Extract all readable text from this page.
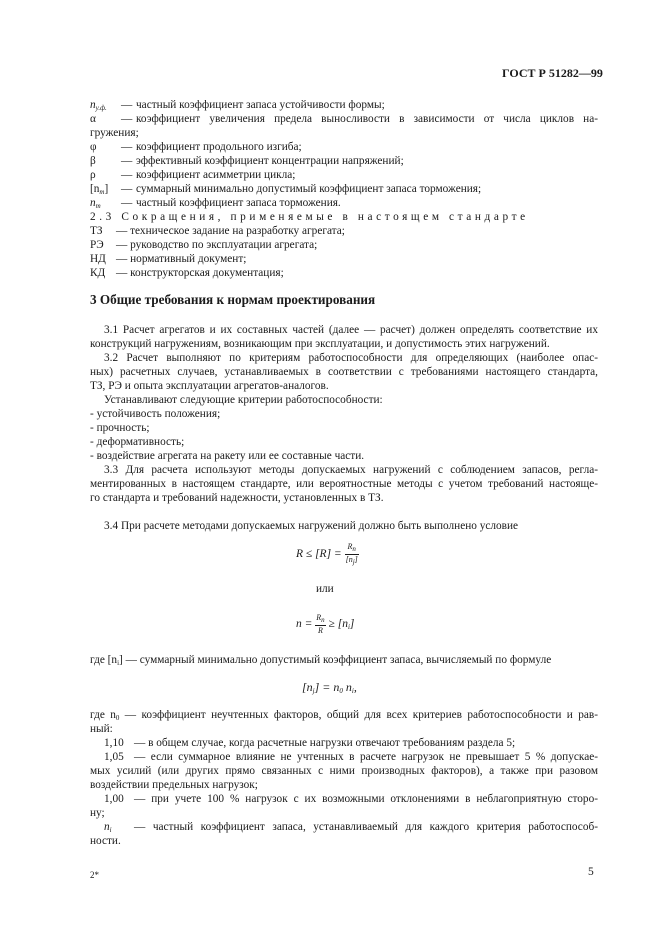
ГОСТ Р 51282—99
$n_{у.ф.}$	— частный коэффициент запаса устойчивости формы;
α	— коэффициент увеличения предела выносливости в зависимости от числа циклов на-
гружения;
φ	— коэффициент продольного изгиба;
β	— эффективный коэффициент концентрации напряжений;
ρ	— коэффициент асимметрии цикла;
$[n_т]$	— суммарный минимально допустимый коэффициент запаса торможения;
$n_т$	— частный коэффициент запаса торможения.
2.3 Сокращения, применяемые в настоящем стандарте
ТЗ — техническое задание на разработку агрегата;
РЭ — руководство по эксплуатации агрегата;
НД — нормативный документ;
КД — конструкторская документация;
3 Общие требования к нормам проектирования
3.1 Расчет агрегатов и их составных частей (далее — расчет) должен определять соответствие их
конструкций нагружениям, возникающим при эксплуатации, и допустимость этих нагружений.
3.2 Расчет выполняют по критериям работоспособности для определяющих (наиболее опас-
ных) расчетных случаев, устанавливаемых в соответствии с требованиями настоящего стандарта,
ТЗ, РЭ и опыта эксплуатации агрегатов-аналогов.
Устанавливают следующие критерии работоспособности:
- устойчивость положения;
- прочность;
- деформативность;
- воздействие агрегата на ракету или ее составные части.
3.3 Для расчета используют методы допускаемых нагружений с соблюдением запасов, регла-
ментированных в настоящем стандарте, или вероятностные методы с учетом требований настояще-
го стандарта и требований надежности, установленных в ТЗ.
3.4 При расчете методами допускаемых нагружений должно быть выполнено условие
$R \le [R] = \frac{Rn}{[nj]}$
или
$n = \frac{Rn}{R} \ge [n_i]$
где $[n_i]$ — суммарный минимально допустимый коэффициент запаса, вычисляемый по формуле
$[n_j] = n_0$ $n_i$,
где $n_0$ — коэффициент неучтенных факторов, общий для всех критериев работоспособности и рав-
ный:
1,10 — в общем случае, когда расчетные нагрузки отвечают требованиям раздела 5;
1,05 — если суммарное влияние не учтенных в расчете нагрузок не превышает 5 % допускае-
мых усилий (или других прямо связанных с ними производных факторов), а также при разовом
воздействии предельных нагрузок;
1,00 — при учете 100 % нагрузок с их возможными отклонениями в неблагоприятную сторо-
ну;
$n_i$ — частный коэффициент запаса, устанавливаемый для каждого критерия работоспособ-
ности.
2*	5
